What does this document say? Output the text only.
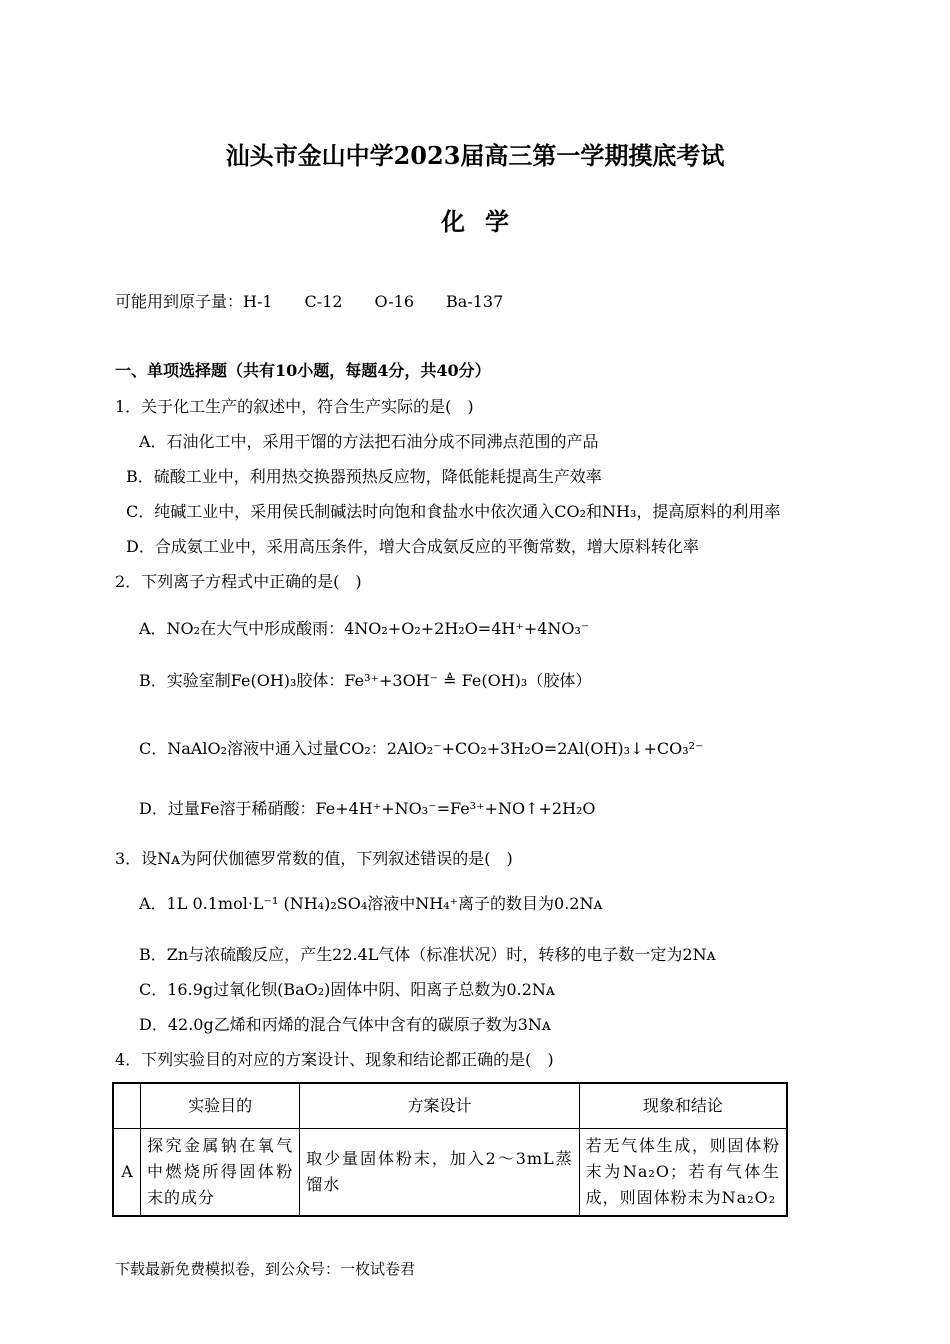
汕头市金山中学2023届高三第一学期摸底考试
化学
可能用到原子量：H-1　　C-12　　O-16　　Ba-137
一、单项选择题（共有10小题，每题4分，共40分）
1．关于化工生产的叙述中，符合生产实际的是(　)
A．石油化工中，采用干馏的方法把石油分成不同沸点范围的产品
B．硫酸工业中，利用热交换器预热反应物，降低能耗提高生产效率
C．纯碱工业中，采用侯氏制碱法时向饱和食盐水中依次通入CO₂和NH₃，提高原料的利用率
D．合成氨工业中，采用高压条件，增大合成氨反应的平衡常数，增大原料转化率
2．下列离子方程式中正确的是(　)
A．NO₂在大气中形成酸雨：4NO₂+O₂+2H₂O=4H⁺+4NO₃⁻
B．实验室制Fe(OH)₃胶体：Fe³⁺+3OH⁻ ≜ Fe(OH)₃（胶体）
C．NaAlO₂溶液中通入过量CO₂：2AlO₂⁻+CO₂+3H₂O=2Al(OH)₃↓+CO₃²⁻
D．过量Fe溶于稀硝酸：Fe+4H⁺+NO₃⁻=Fe³⁺+NO↑+2H₂O
3．设Nᴀ为阿伏伽德罗常数的值，下列叙述错误的是(　)
A．1L 0.1mol·L⁻¹ (NH₄)₂SO₄溶液中NH₄⁺离子的数目为0.2Nᴀ
B．Zn与浓硫酸反应，产生22.4L气体（标准状况）时，转移的电子数一定为2Nᴀ
C．16.9g过氧化钡(BaO₂)固体中阴、阳离子总数为0.2Nᴀ
D．42.0g乙烯和丙烯的混合气体中含有的碳原子数为3Nᴀ
4．下列实验目的对应的方案设计、现象和结论都正确的是(　)
	实验目的	方案设计	现象和结论
A	探究金属钠在氧气中燃烧所得固体粉末的成分	取少量固体粉末，加入2～3mL蒸馏水	若无气体生成，则固体粉末为Na₂O；若有气体生成，则固体粉末为Na₂O₂
下载最新免费模拟卷，到公众号：一枚试卷君
